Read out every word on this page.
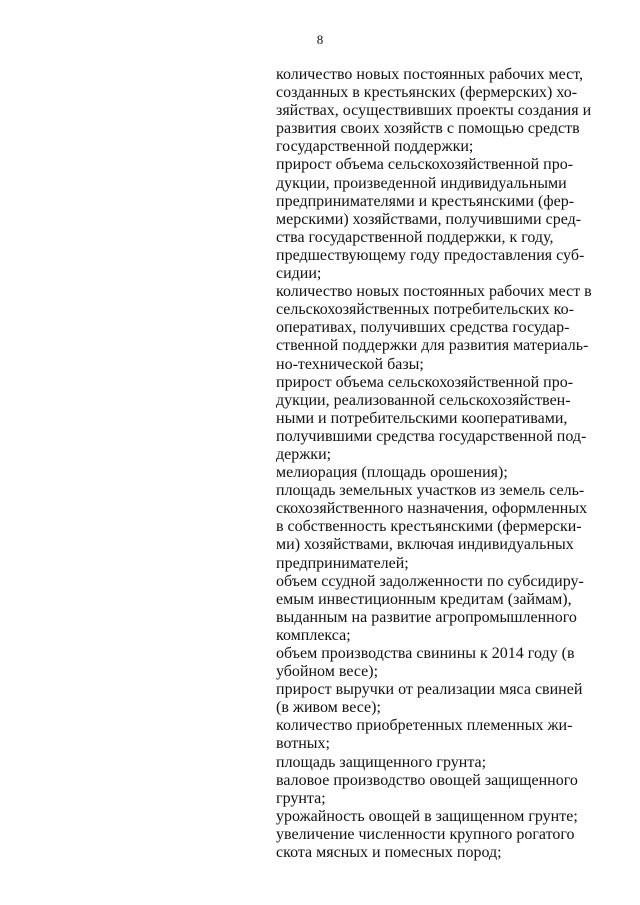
8

количество новых постоянных рабочих мест,
созданных в крестьянских (фермерских) хо-
зяйствах, осуществивших проекты создания и
развития своих хозяйств с помощью средств
государственной поддержки;

прирост объема сельскохозяйственной про-
дукции, произведенной индивидуальными
предпринимателями и крестьянскими (фер-
мерскими) хозяйствами, получившими сред-
ства государственной поддержки, к году,
предшествующему году предоставления суб-
сидии;

количество новых постоянных рабочих мест в
сельскохозяйственных потребительских ко-
оперативах, получивших средства государ-
ственной поддержки для развития материаль-
но-технической базы;

прирост объема сельскохозяйственной про-
дукции, реализованной сельскохозяйствен-
ными и потребительскими кооперативами,
получившими средства государственной под-
держки;

мелиорация (площадь орошения);

площадь земельных участков из земель сель-
скохозяйственного назначения, оформленных
в собственность крестьянскими (фермерски-
ми) хозяйствами, включая индивидуальных
предпринимателей;

объем ссудной задолженности по субсидиру-
емым инвестиционным кредитам (займам),
выданным на развитие агропромышленного
комплекса;

объем производства свинины к 2014 году (в
убойном весе);

прирост выручки от реализации мяса свиней
(в живом весе);

количество приобретенных племенных жи-
вотных;

площадь защищенного грунта;

валовое производство овощей защищенного
грунта;

урожайность овощей в защищенном грунте;

увеличение численности крупного рогатого
скота мясных и помесных пород;
